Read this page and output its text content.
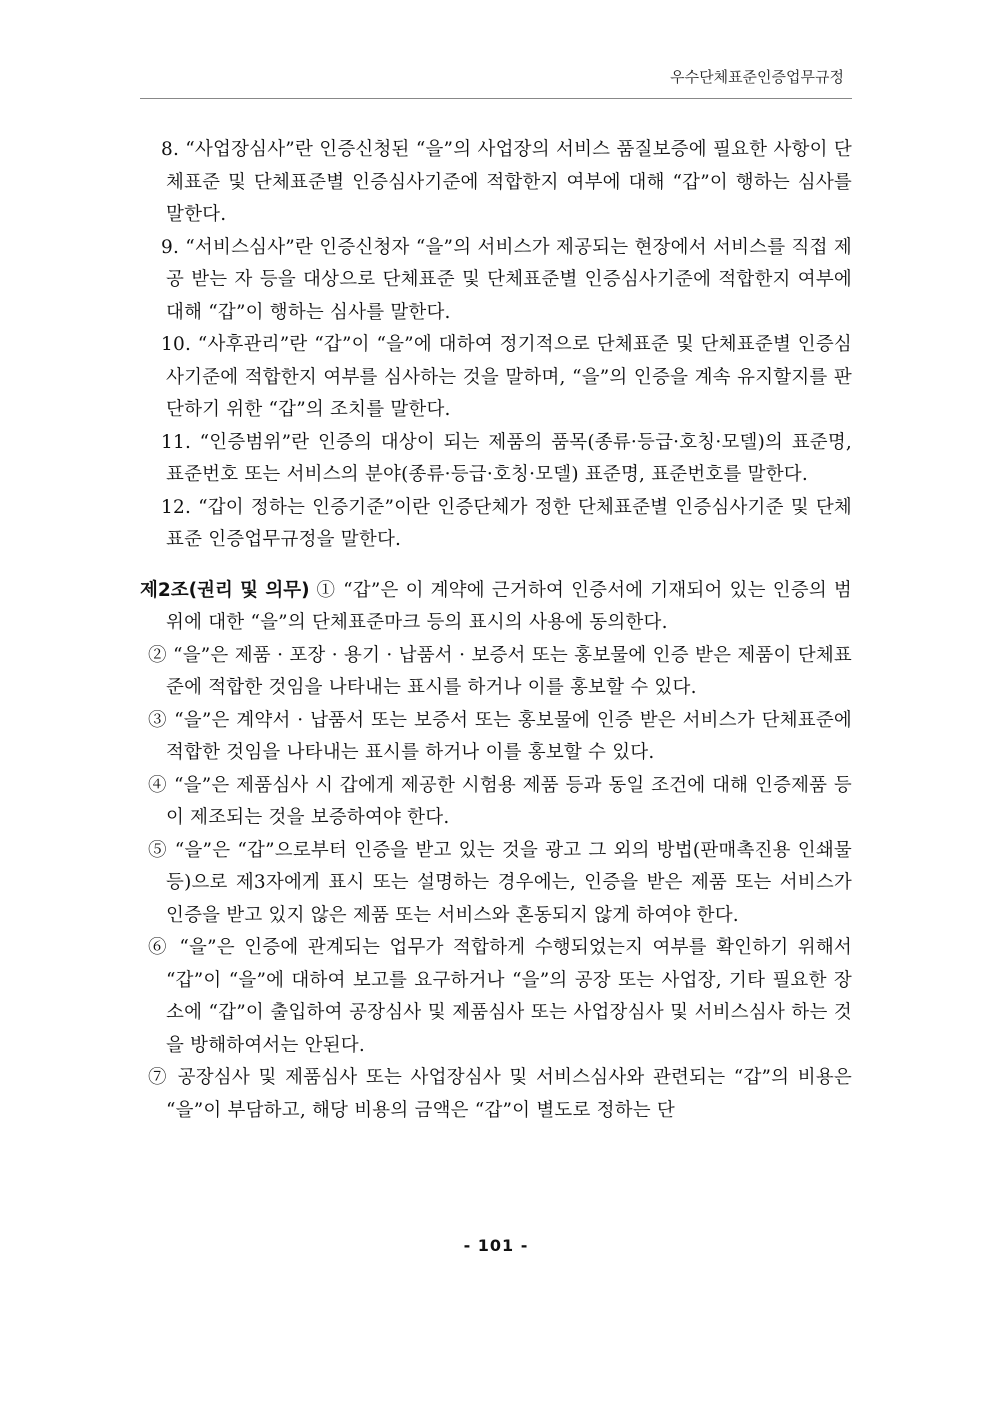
우수단체표준인증업무규정

8. “사업장심사”란 인증신청된 “을”의 사업장의 서비스 품질보증에 필요한 사항이 단체표준 및 단체표준별 인증심사기준에 적합한지 여부에 대해 “갑”이 행하는 심사를 말한다.

9. “서비스심사”란 인증신청자 “을”의 서비스가 제공되는 현장에서 서비스를 직접 제공 받는 자 등을 대상으로 단체표준 및 단체표준별 인증심사기준에 적합한지 여부에 대해 “갑”이 행하는 심사를 말한다.

10. “사후관리”란 “갑”이 “을”에 대하여 정기적으로 단체표준 및 단체표준별 인증심사기준에 적합한지 여부를 심사하는 것을 말하며, “을”의 인증을 계속 유지할지를 판단하기 위한 “갑”의 조치를 말한다.

11. “인증범위”란 인증의 대상이 되는 제품의 품목(종류·등급·호칭·모델)의 표준명, 표준번호 또는 서비스의 분야(종류·등급·호칭·모델) 표준명, 표준번호를 말한다.

12. “갑이 정하는 인증기준”이란 인증단체가 정한 단체표준별 인증심사기준 및 단체표준 인증업무규정을 말한다.

제2조(권리 및 의무) ① “갑”은 이 계약에 근거하여 인증서에 기재되어 있는 인증의 범위에 대한 “을”의 단체표준마크 등의 표시의 사용에 동의한다.

② “을”은 제품 · 포장 · 용기 · 납품서 · 보증서 또는 홍보물에 인증 받은 제품이 단체표준에 적합한 것임을 나타내는 표시를 하거나 이를 홍보할 수 있다.

③ “을”은 계약서 · 납품서 또는 보증서 또는 홍보물에 인증 받은 서비스가 단체표준에 적합한 것임을 나타내는 표시를 하거나 이를 홍보할 수 있다.

④ “을”은 제품심사 시 갑에게 제공한 시험용 제품 등과 동일 조건에 대해 인증제품 등이 제조되는 것을 보증하여야 한다.

⑤ “을”은 “갑”으로부터 인증을 받고 있는 것을 광고 그 외의 방법(판매촉진용 인쇄물 등)으로 제3자에게 표시 또는 설명하는 경우에는, 인증을 받은 제품 또는 서비스가 인증을 받고 있지 않은 제품 또는 서비스와 혼동되지 않게 하여야 한다.

⑥ “을”은 인증에 관계되는 업무가 적합하게 수행되었는지 여부를 확인하기 위해서 “갑”이 “을”에 대하여 보고를 요구하거나 “을”의 공장 또는 사업장, 기타 필요한 장소에 “갑”이 출입하여 공장심사 및 제품심사 또는 사업장심사 및 서비스심사 하는 것을 방해하여서는 안된다.

⑦ 공장심사 및 제품심사 또는 사업장심사 및 서비스심사와 관련되는 “갑”의 비용은 “을”이 부담하고, 해당 비용의 금액은 “갑”이 별도로 정하는 단

- 101 -
